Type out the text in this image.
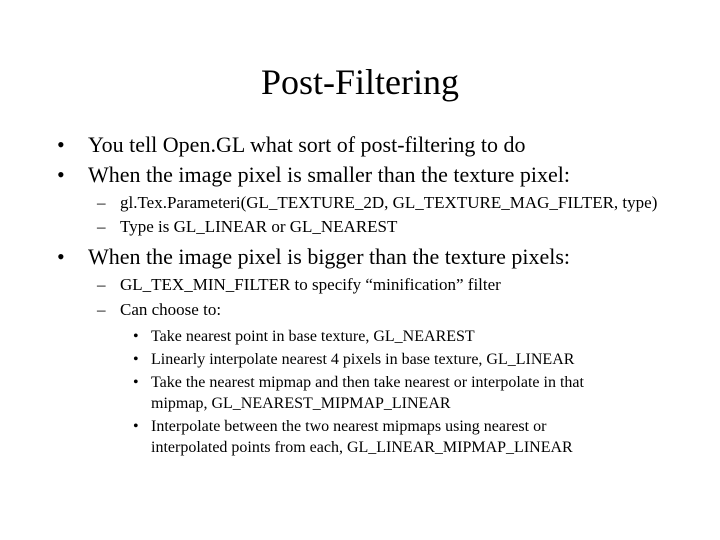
Post-Filtering
• You tell Open.GL what sort of post-filtering to do
• When the image pixel is smaller than the texture pixel:
– gl.Tex.Parameteri(GL_TEXTURE_2D, GL_TEXTURE_MAG_FILTER, type)
– Type is GL_LINEAR or GL_NEAREST
• When the image pixel is bigger than the texture pixels:
– GL_TEX_MIN_FILTER to specify “minification” filter
– Can choose to:
• Take nearest point in base texture, GL_NEAREST
• Linearly interpolate nearest 4 pixels in base texture, GL_LINEAR
• Take the nearest mipmap and then take nearest or interpolate in that
mipmap, GL_NEAREST_MIPMAP_LINEAR
• Interpolate between the two nearest mipmaps using nearest or
interpolated points from each, GL_LINEAR_MIPMAP_LINEAR
